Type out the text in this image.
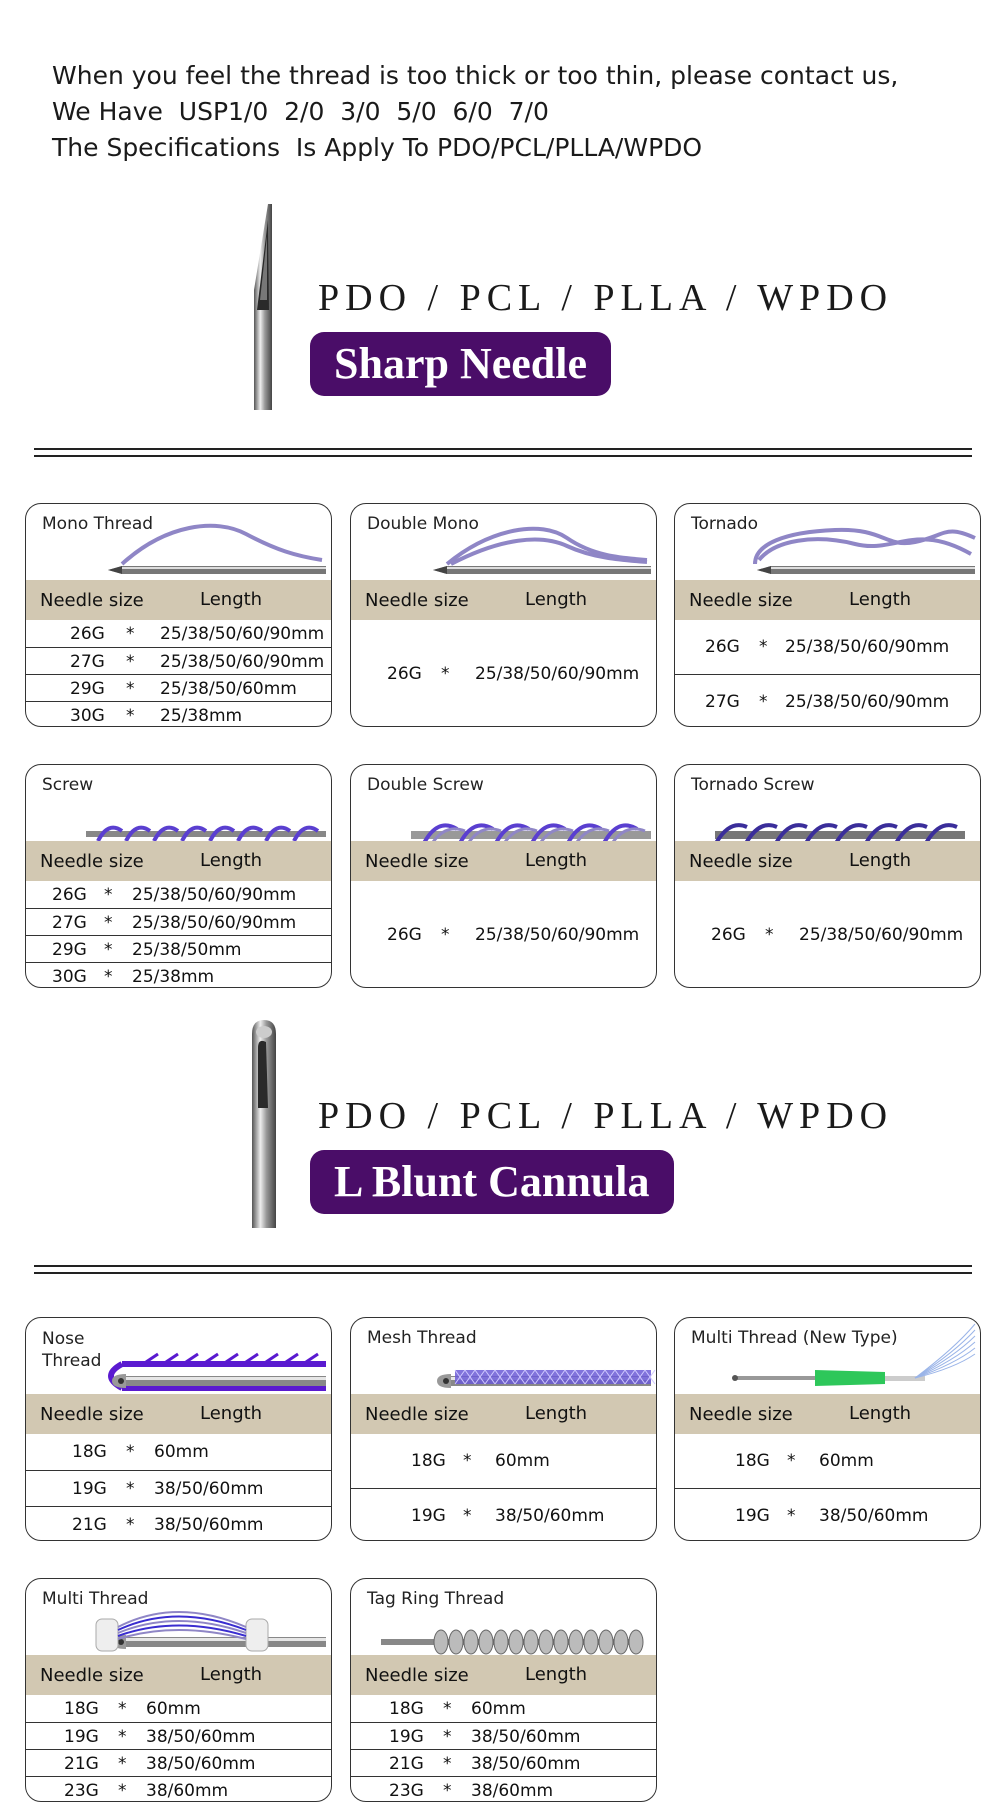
When you feel the thread is too thick or too thin, please contact us,
We Have  USP1/0  2/0  3/0  5/0  6/0  7/0
The Specifications  Is Apply To PDO/PCL/PLLA/WPDO
PDO / PCL / PLLA / WPDO
Sharp Needle
Mono Thread
Needle size	Length
26G * 25/38/50/60/90mm
27G * 25/38/50/60/90mm
29G * 25/38/50/60mm
30G * 25/38mm
Double Mono
Needle size	Length
26G * 25/38/50/60/90mm
Tornado
Needle size	Length
26G * 25/38/50/60/90mm
27G * 25/38/50/60/90mm
Screw
Needle size	Length
26G * 25/38/50/60/90mm
27G * 25/38/50/60/90mm
29G * 25/38/50mm
30G * 25/38mm
Double Screw
Needle size	Length
26G * 25/38/50/60/90mm
Tornado Screw
Needle size	Length
26G * 25/38/50/60/90mm
PDO / PCL / PLLA / WPDO
L Blunt Cannula
Nose
Thread
Needle size	Length
18G * 60mm
19G * 38/50/60mm
21G * 38/50/60mm
Mesh Thread
Needle size	Length
18G * 60mm
19G * 38/50/60mm
Multi Thread (New Type)
Needle size	Length
18G * 60mm
19G * 38/50/60mm
Multi Thread
Needle size	Length
18G * 60mm
19G * 38/50/60mm
21G * 38/50/60mm
23G * 38/60mm
Tag Ring Thread
Needle size	Length
18G * 60mm
19G * 38/50/60mm
21G * 38/50/60mm
23G * 38/60mm
